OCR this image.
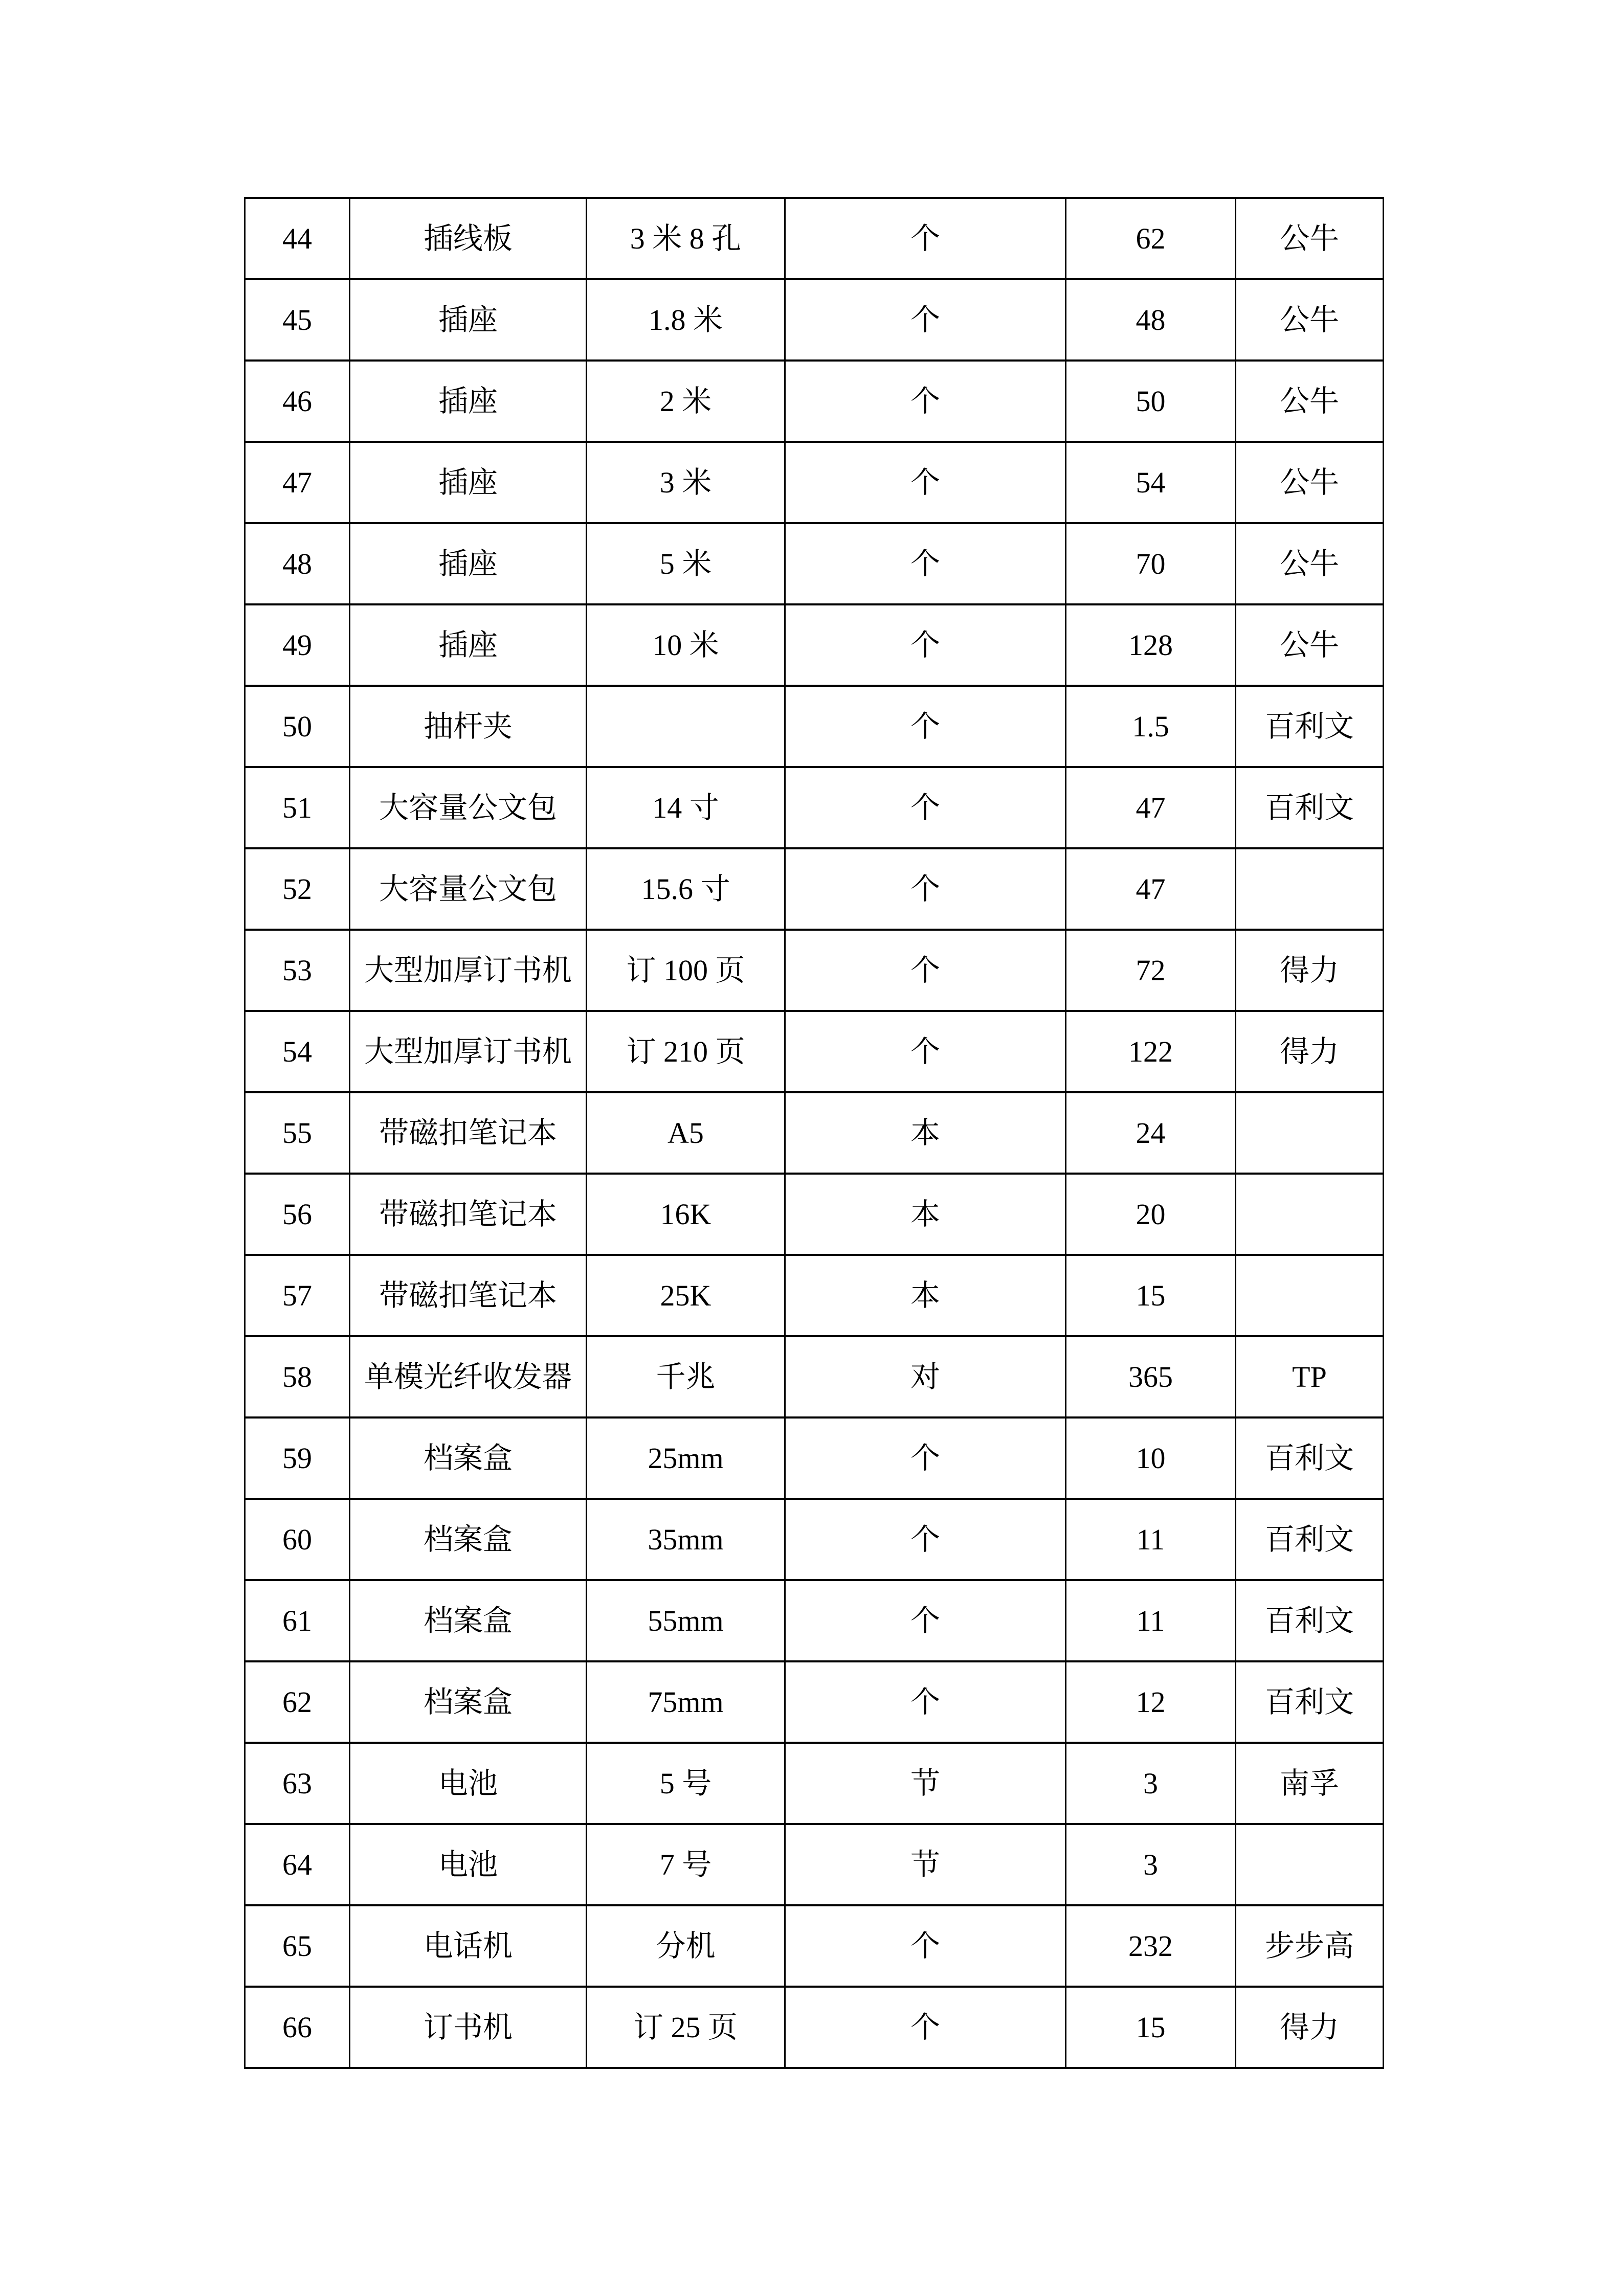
44	插线板	3 米 8 孔	个	62	公牛
45	插座	1.8 米	个	48	公牛
46	插座	2 米	个	50	公牛
47	插座	3 米	个	54	公牛
48	插座	5 米	个	70	公牛
49	插座	10 米	个	128	公牛
50	抽杆夹		个	1.5	百利文
51	大容量公文包	14 寸	个	47	百利文
52	大容量公文包	15.6 寸	个	47	
53	大型加厚订书机	订 100 页	个	72	得力
54	大型加厚订书机	订 210 页	个	122	得力
55	带磁扣笔记本	A5	本	24	
56	带磁扣笔记本	16K	本	20	
57	带磁扣笔记本	25K	本	15	
58	单模光纤收发器	千兆	对	365	TP
59	档案盒	25mm	个	10	百利文
60	档案盒	35mm	个	11	百利文
61	档案盒	55mm	个	11	百利文
62	档案盒	75mm	个	12	百利文
63	电池	5 号	节	3	南孚
64	电池	7 号	节	3	
65	电话机	分机	个	232	步步高
66	订书机	订 25 页	个	15	得力
